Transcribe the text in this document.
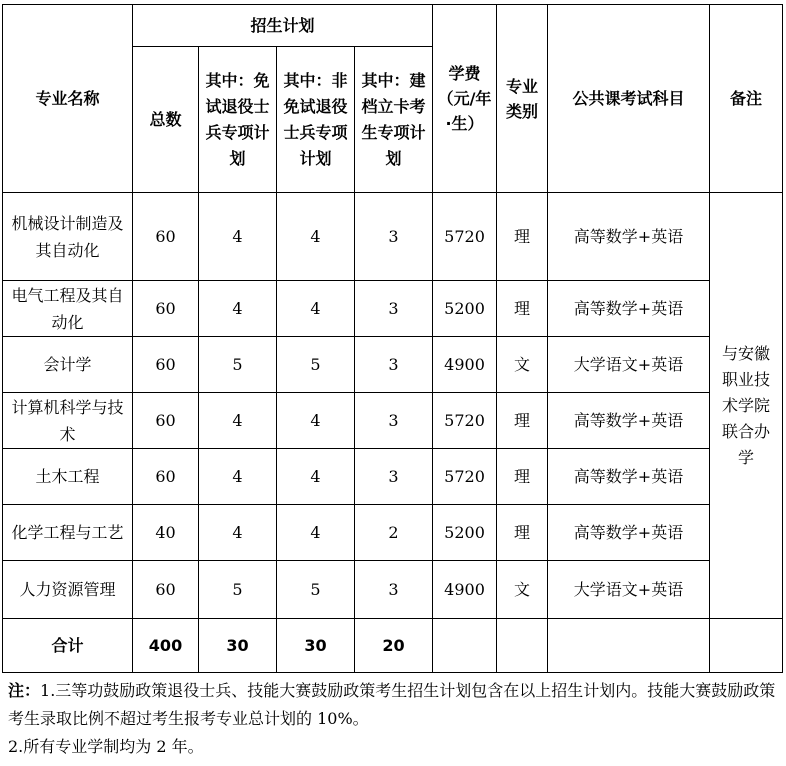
专业名称	招生计划				学费（元/年·生）	专业类别	公共课考试科目	备注
	总数	其中：免试退役士兵专项计划	其中：非免试退役士兵专项计划	其中：建档立卡考生专项计划				
机械设计制造及其自动化	60	4	4	3	5720	理	高等数学+英语	与安徽职业技术学院联合办学
电气工程及其自动化	60	4	4	3	5200	理	高等数学+英语	
会计学	60	5	5	3	4900	文	大学语文+英语	
计算机科学与技术	60	4	4	3	5720	理	高等数学+英语	
土木工程	60	4	4	3	5720	理	高等数学+英语	
化学工程与工艺	40	4	4	2	5200	理	高等数学+英语	
人力资源管理	60	5	5	3	4900	文	大学语文+英语	
合计	400	30	30	20				
注：1.三等功鼓励政策退役士兵、技能大赛鼓励政策考生招生计划包含在以上招生计划内。技能大赛鼓励政策考生录取比例不超过考生报考专业总计划的 10%。
2.所有专业学制均为 2 年。
